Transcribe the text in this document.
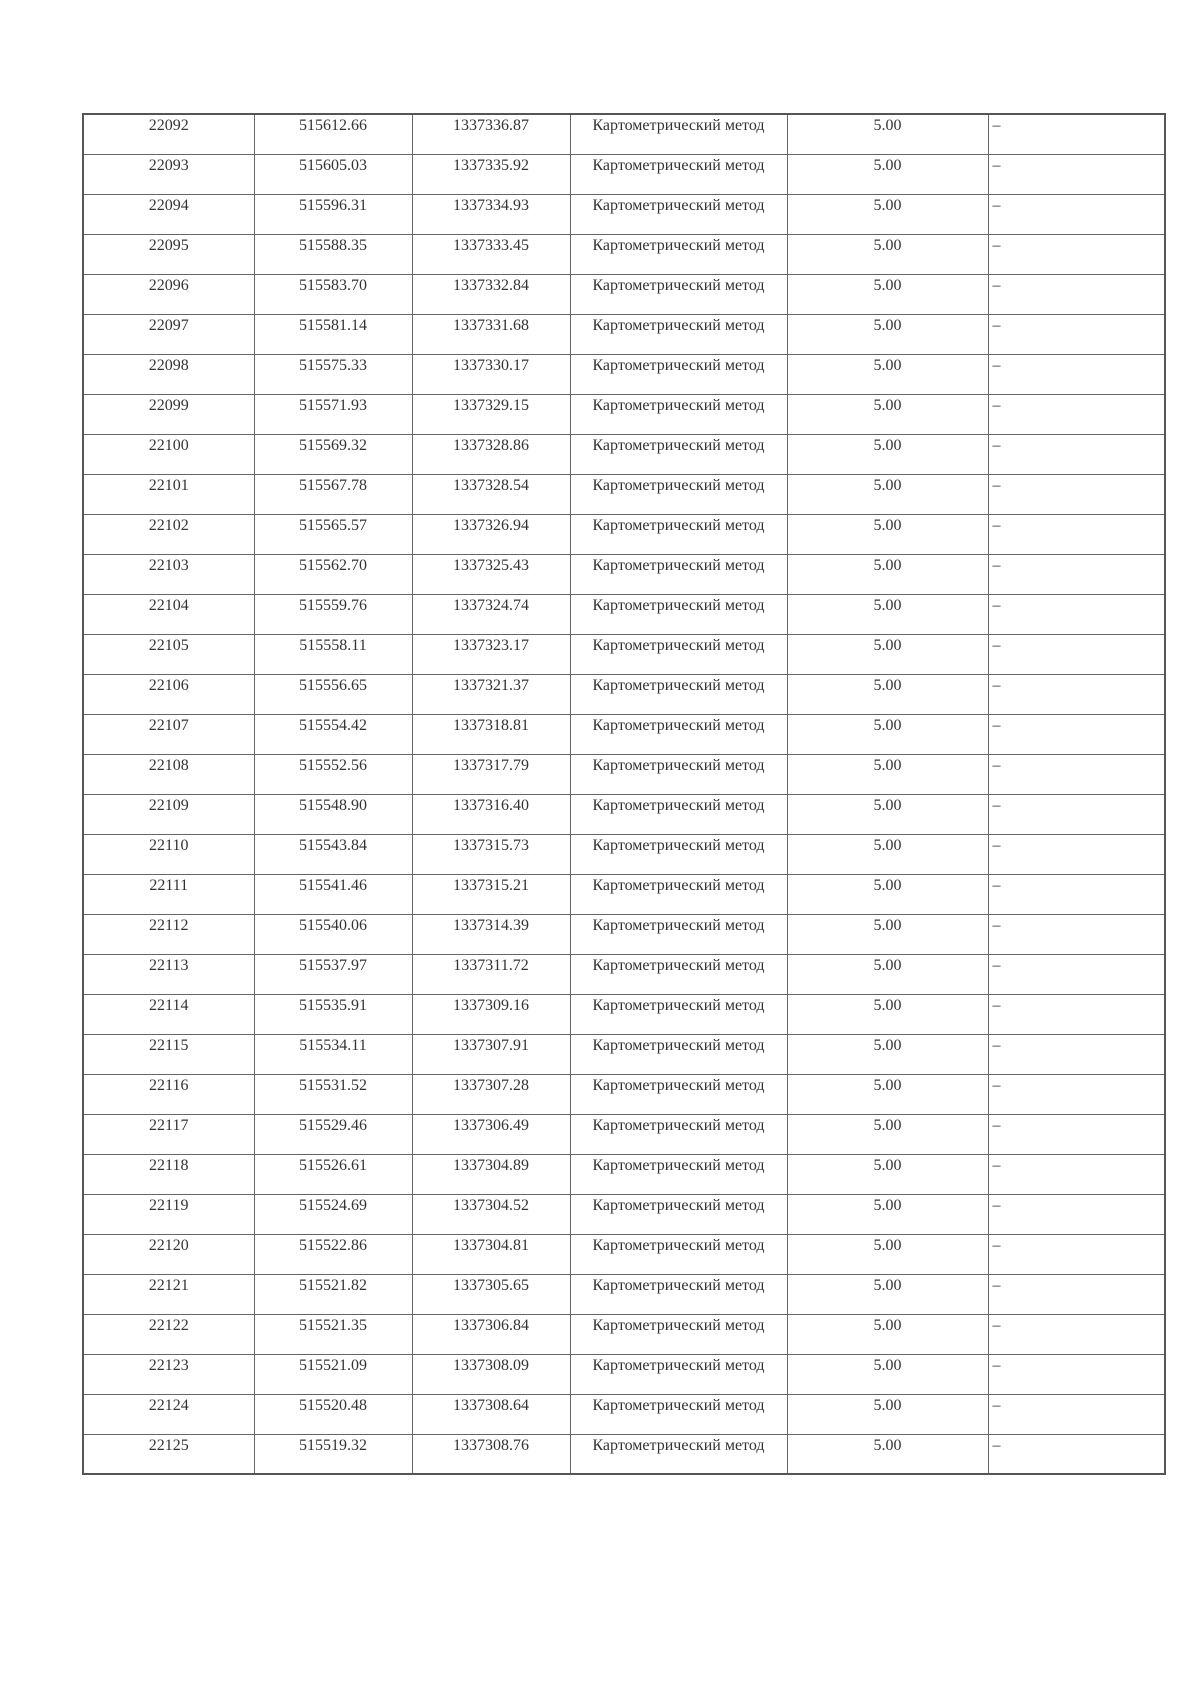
22092	515612.66	1337336.87	Картометрический метод	5.00	–
22093	515605.03	1337335.92	Картометрический метод	5.00	–
22094	515596.31	1337334.93	Картометрический метод	5.00	–
22095	515588.35	1337333.45	Картометрический метод	5.00	–
22096	515583.70	1337332.84	Картометрический метод	5.00	–
22097	515581.14	1337331.68	Картометрический метод	5.00	–
22098	515575.33	1337330.17	Картометрический метод	5.00	–
22099	515571.93	1337329.15	Картометрический метод	5.00	–
22100	515569.32	1337328.86	Картометрический метод	5.00	–
22101	515567.78	1337328.54	Картометрический метод	5.00	–
22102	515565.57	1337326.94	Картометрический метод	5.00	–
22103	515562.70	1337325.43	Картометрический метод	5.00	–
22104	515559.76	1337324.74	Картометрический метод	5.00	–
22105	515558.11	1337323.17	Картометрический метод	5.00	–
22106	515556.65	1337321.37	Картометрический метод	5.00	–
22107	515554.42	1337318.81	Картометрический метод	5.00	–
22108	515552.56	1337317.79	Картометрический метод	5.00	–
22109	515548.90	1337316.40	Картометрический метод	5.00	–
22110	515543.84	1337315.73	Картометрический метод	5.00	–
22111	515541.46	1337315.21	Картометрический метод	5.00	–
22112	515540.06	1337314.39	Картометрический метод	5.00	–
22113	515537.97	1337311.72	Картометрический метод	5.00	–
22114	515535.91	1337309.16	Картометрический метод	5.00	–
22115	515534.11	1337307.91	Картометрический метод	5.00	–
22116	515531.52	1337307.28	Картометрический метод	5.00	–
22117	515529.46	1337306.49	Картометрический метод	5.00	–
22118	515526.61	1337304.89	Картометрический метод	5.00	–
22119	515524.69	1337304.52	Картометрический метод	5.00	–
22120	515522.86	1337304.81	Картометрический метод	5.00	–
22121	515521.82	1337305.65	Картометрический метод	5.00	–
22122	515521.35	1337306.84	Картометрический метод	5.00	–
22123	515521.09	1337308.09	Картометрический метод	5.00	–
22124	515520.48	1337308.64	Картометрический метод	5.00	–
22125	515519.32	1337308.76	Картометрический метод	5.00	–
